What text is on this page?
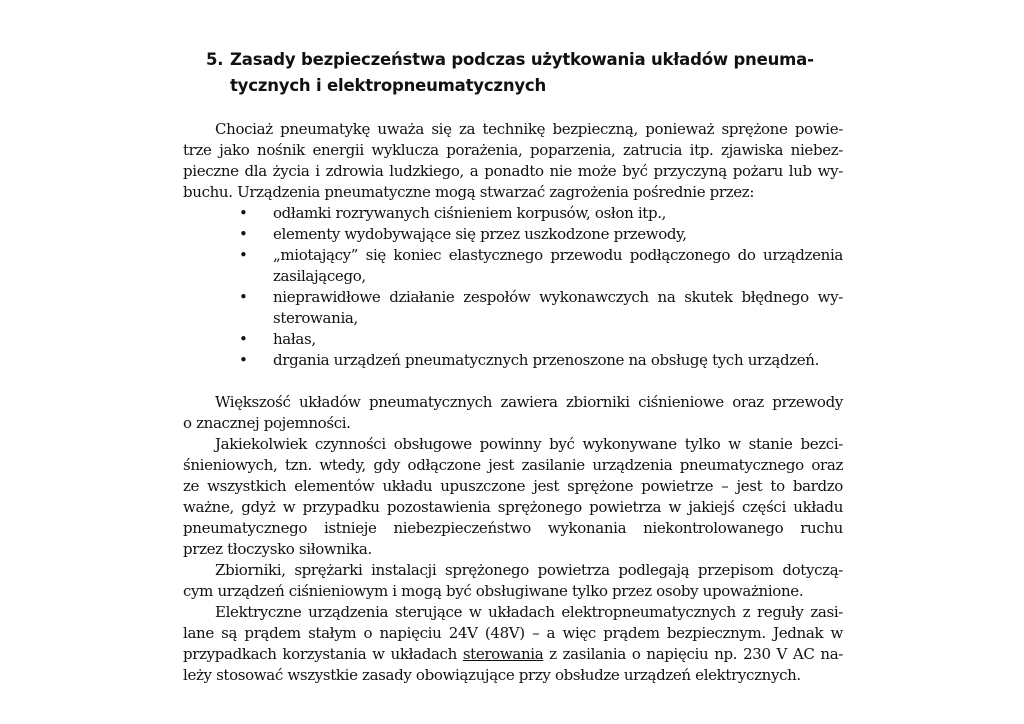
5. Zasady bezpieczeństwa podczas użytkowania układów pneuma-
tycznych i elektropneumatycznych
Chociaż pneumatykę uważa się za technikę bezpieczną, ponieważ sprężone powie-
trze jako nośnik energii wyklucza porażenia, poparzenia, zatrucia itp. zjawiska niebez-
pieczne dla życia i zdrowia ludzkiego, a ponadto nie może być przyczyną pożaru lub wy-
buchu. Urządzenia pneumatyczne mogą stwarzać zagrożenia pośrednie przez:
• odłamki rozrywanych ciśnieniem korpusów, osłon itp.,
• elementy wydobywające się przez uszkodzone przewody,
• „miotający” się koniec elastycznego przewodu podłączonego do urządzenia
zasilającego,
• nieprawidłowe działanie zespołów wykonawczych na skutek błędnego wy-
sterowania,
• hałas,
• drgania urządzeń pneumatycznych przenoszone na obsługę tych urządzeń.
Większość układów pneumatycznych zawiera zbiorniki ciśnieniowe oraz przewody
o znacznej pojemności.
Jakiekolwiek czynności obsługowe powinny być wykonywane tylko w stanie bezci-
śnieniowych, tzn. wtedy, gdy odłączone jest zasilanie urządzenia pneumatycznego oraz
ze wszystkich elementów układu upuszczone jest sprężone powietrze – jest to bardzo
ważne, gdyż w przypadku pozostawienia sprężonego powietrza w jakiejś części układu
pneumatycznego istnieje niebezpieczeństwo wykonania niekontrolowanego ruchu
przez tłoczysko siłownika.
Zbiorniki, sprężarki instalacji sprężonego powietrza podlegają przepisom dotyczą-
cym urządzeń ciśnieniowym i mogą być obsługiwane tylko przez osoby upoważnione.
Elektryczne urządzenia sterujące w układach elektropneumatycznych z reguły zasi-
lane są prądem stałym o napięciu 24V (48V) – a więc prądem bezpiecznym. Jednak w
przypadkach korzystania w układach sterowania z zasilania o napięciu np. 230 V AC na-
leży stosować wszystkie zasady obowiązujące przy obsłudze urządzeń elektrycznych.
